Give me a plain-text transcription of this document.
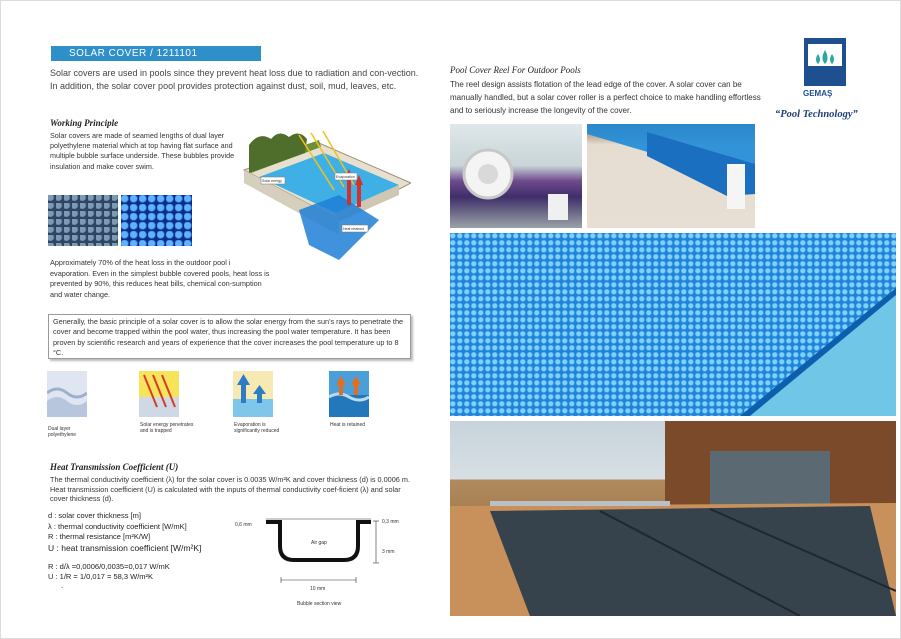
SOLAR COVER / 1211101
Solar covers are used in pools since they prevent heat loss due to radiation and con-vection. In addition, the solar cover pool provides protection against dust, soil, mud, leaves, etc.
Working Principle
Solar covers are made of seamed lengths of dual layer polyethylene material which at top having flat surface and multiple bubble surface underside. These bubbles provide insulation and make cover swim.
Evaporation
Solar energy
Heat retained
Approximately 70% of the heat loss in the outdoor pool i evaporation. Even in the simplest bubble covered pools, heat loss is prevented by 90%, this reduces heat bills, chemical con-sumption and water change.
Generally, the basic principle of a solar cover is to allow the solar energy from the sun's rays to penetrate the cover and become trapped within the pool water, thus increasing the pool water temperature. It has been proven by scientific research and years of experience that the cover increases the pool temperature up to 8 °C.
Dual layer polyethylene
Solar energy penetrates and is trapped
Evaporation is significantly reduced
Heat is retained
Heat Transmission Coefficient (U)
The thermal conductivity coefficient (λ) for the solar cover is 0.0035 W/m²K and cover thickness (d) is 0.0006 m. Heat transmission coefficient (U) is calculated with the inputs of thermal conductivity coef-ficient (λ) and solar cover thickness (d).
d : solar cover thickness [m]
λ : thermal conductivity coefficient [W/mK]
R : thermal resistance [m²K/W]
U : heat transmission coefficient [W/m²K]
R : d/λ =0,0006/0,0035=0,017 W/mK
U : 1/R = 1/0,017 = 58,3 W/m²K
.
0,6 mm	0,3 mm
3 mm
10 mm
Air gap
Bubble section view
Pool Cover Reel For Outdoor Pools
The reel design assists flotation of the lead edge of the cover. A solar cover can be manually handled, but a solar cover roller is a perfect choice to make handling effortless and to seriously increase the longevity of the cover.
GEMAŞ
“Pool Technology”
